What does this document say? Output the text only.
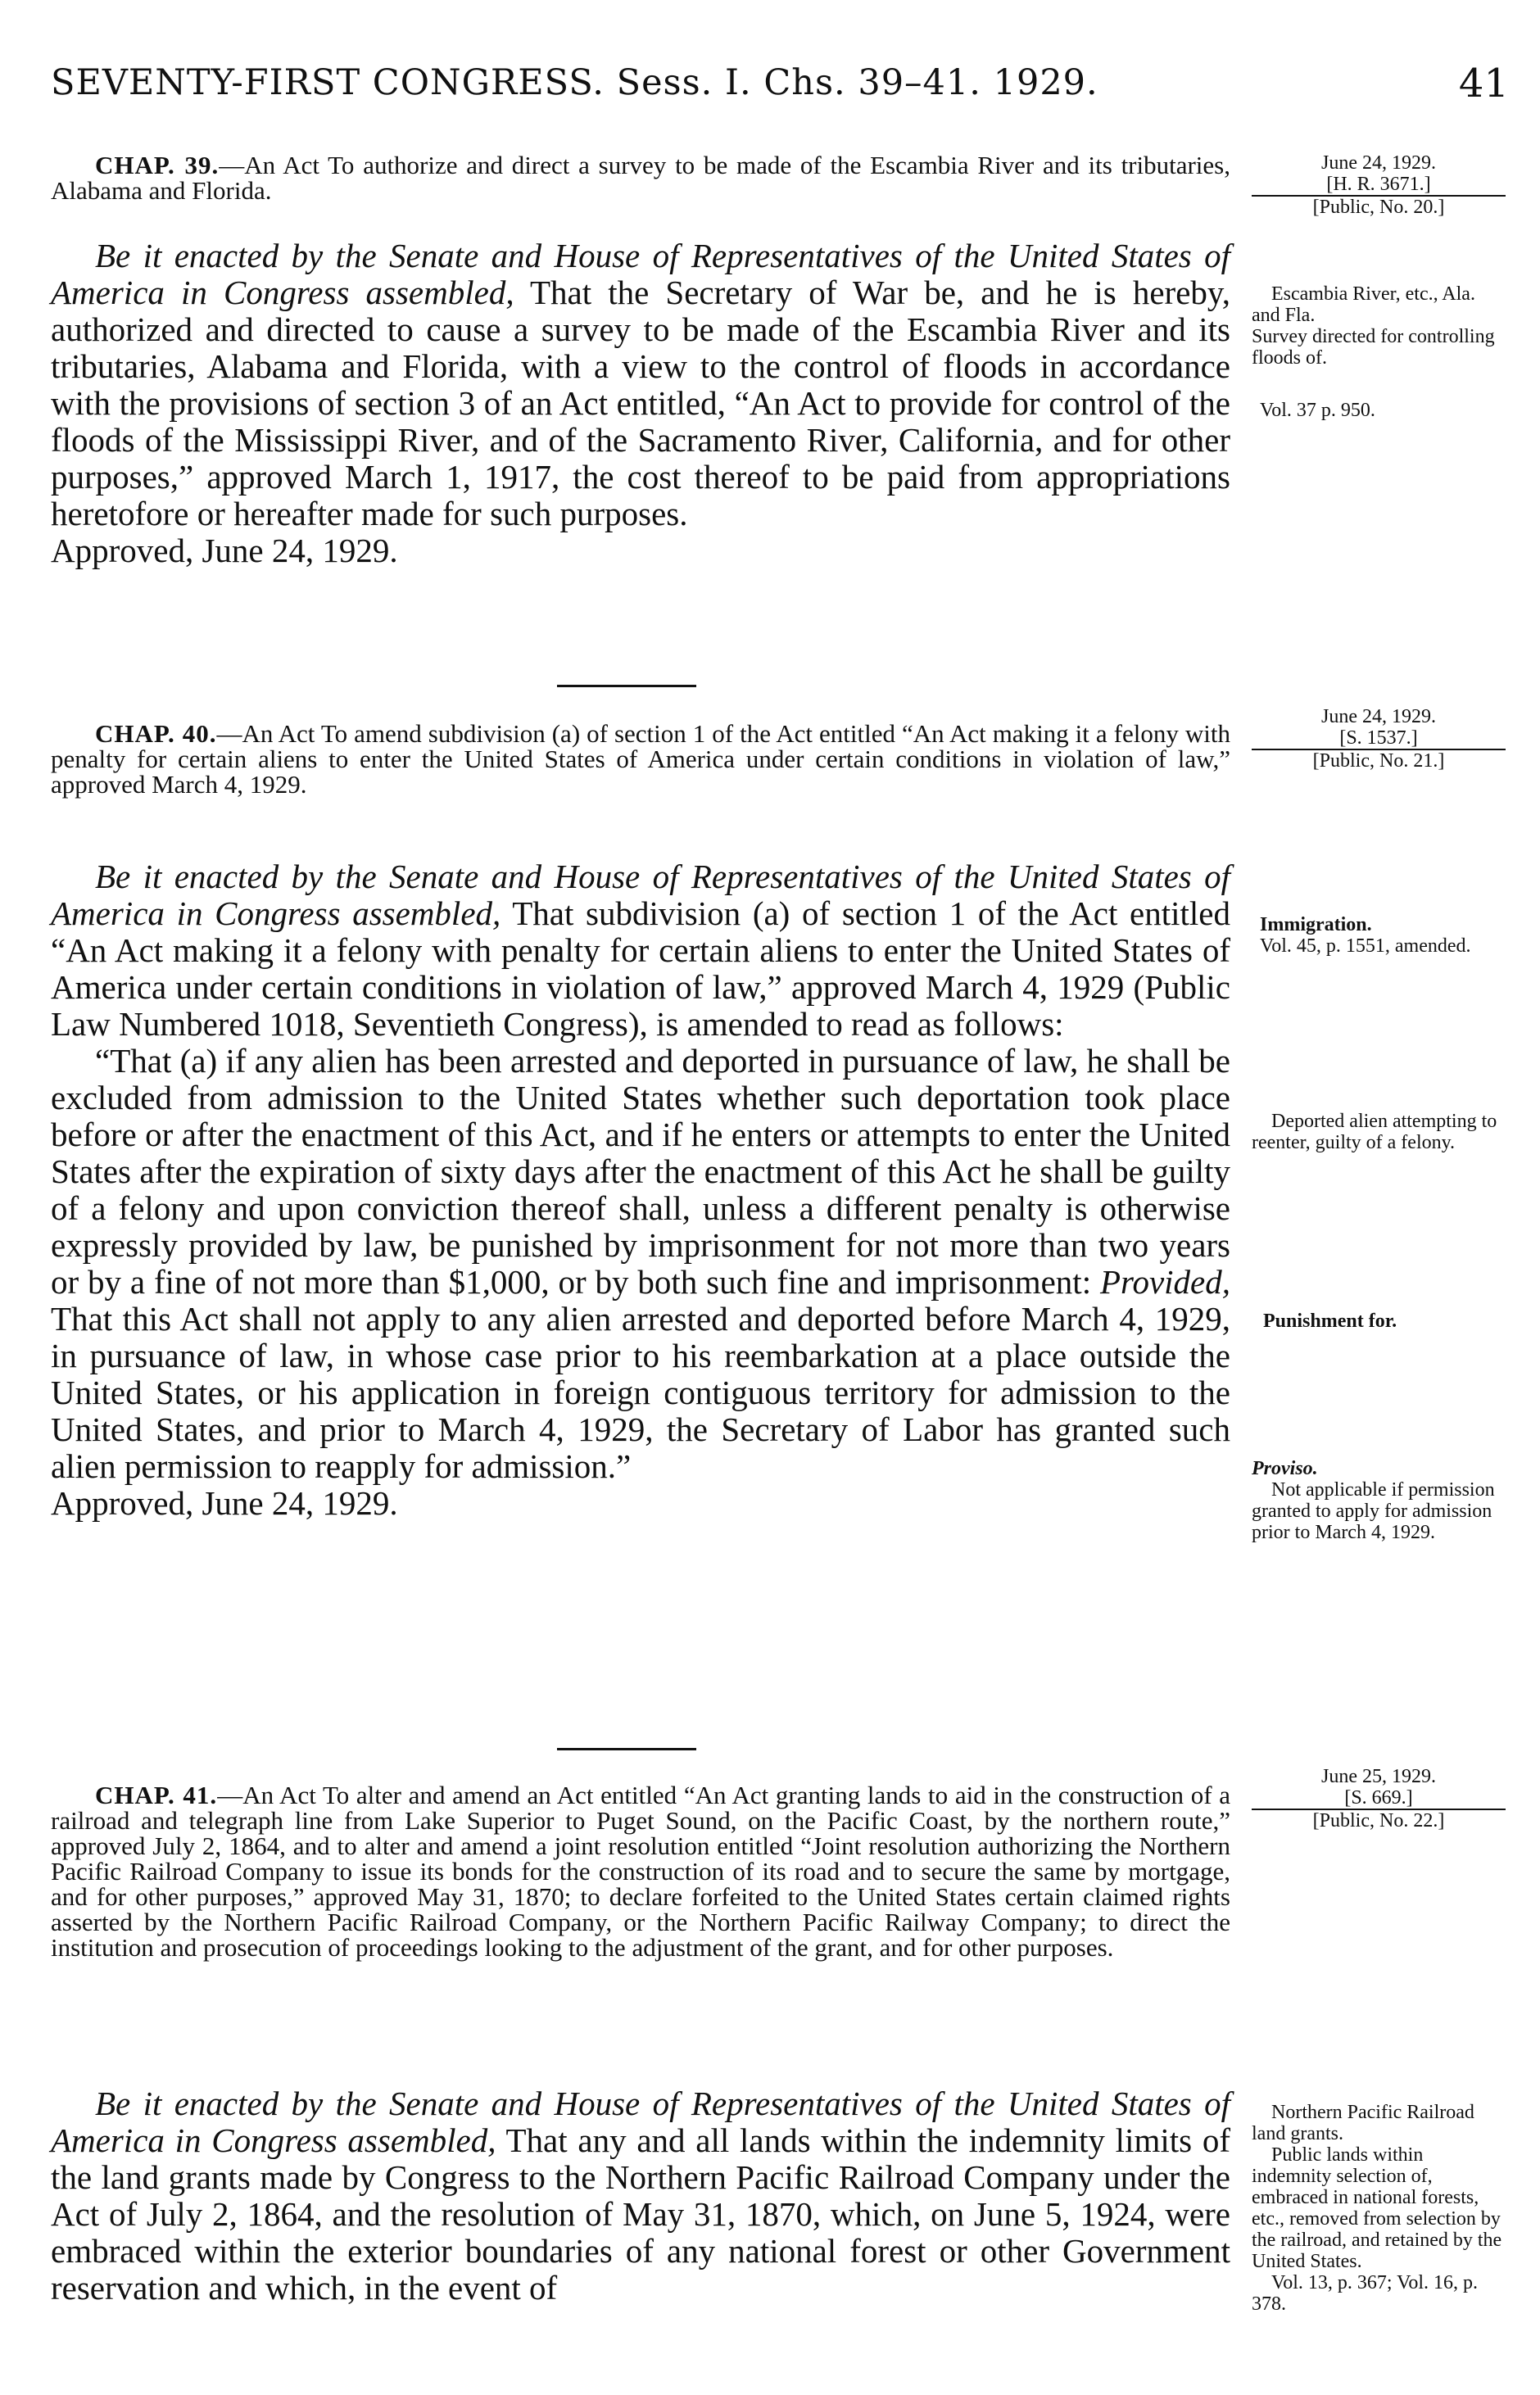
SEVENTY-FIRST CONGRESS. Sess. I. Chs. 39–41. 1929.	41

CHAP. 39.—An Act To authorize and direct a survey to be made of the Escambia River and its tributaries, Alabama and Florida.

Be it enacted by the Senate and House of Representatives of the United States of America in Congress assembled, That the Secretary of War be, and he is hereby, authorized and directed to cause a survey to be made of the Escambia River and its tributaries, Alabama and Florida, with a view to the control of floods in accordance with the provisions of section 3 of an Act entitled, “An Act to provide for control of the floods of the Mississippi River, and of the Sacramento River, California, and for other purposes,” approved March 1, 1917, the cost thereof to be paid from appropriations heretofore or hereafter made for such purposes.

Approved, June 24, 1929.

CHAP. 40.—An Act To amend subdivision (a) of section 1 of the Act entitled “An Act making it a felony with penalty for certain aliens to enter the United States of America under certain conditions in violation of law,” approved March 4, 1929.

Be it enacted by the Senate and House of Representatives of the United States of America in Congress assembled, That subdivision (a) of section 1 of the Act entitled “An Act making it a felony with penalty for certain aliens to enter the United States of America under certain conditions in violation of law,” approved March 4, 1929 (Public Law Numbered 1018, Seventieth Congress), is amended to read as follows:

“That (a) if any alien has been arrested and deported in pursuance of law, he shall be excluded from admission to the United States whether such deportation took place before or after the enactment of this Act, and if he enters or attempts to enter the United States after the expiration of sixty days after the enactment of this Act he shall be guilty of a felony and upon conviction thereof shall, unless a different penalty is otherwise expressly provided by law, be punished by imprisonment for not more than two years or by a fine of not more than $1,000, or by both such fine and imprisonment: Provided, That this Act shall not apply to any alien arrested and deported before March 4, 1929, in pursuance of law, in whose case prior to his reembarkation at a place outside the United States, or his application in foreign contiguous territory for admission to the United States, and prior to March 4, 1929, the Secretary of Labor has granted such alien permission to reapply for admission.”

Approved, June 24, 1929.

CHAP. 41.—An Act To alter and amend an Act entitled “An Act granting lands to aid in the construction of a railroad and telegraph line from Lake Superior to Puget Sound, on the Pacific Coast, by the northern route,” approved July 2, 1864, and to alter and amend a joint resolution entitled “Joint resolution authorizing the Northern Pacific Railroad Company to issue its bonds for the construction of its road and to secure the same by mortgage, and for other purposes,” approved May 31, 1870; to declare forfeited to the United States certain claimed rights asserted by the Northern Pacific Railroad Company, or the Northern Pacific Railway Company; to direct the institution and prosecution of proceedings looking to the adjustment of the grant, and for other purposes.

Be it enacted by the Senate and House of Representatives of the United States of America in Congress assembled, That any and all lands within the indemnity limits of the land grants made by Congress to the Northern Pacific Railroad Company under the Act of July 2, 1864, and the resolution of May 31, 1870, which, on June 5, 1924, were embraced within the exterior boundaries of any national forest or other Government reservation and which, in the event of

June 24, 1929.
[H. R. 3671.]
[Public, No. 20.]
Escambia River, etc., Ala. and Fla.
Survey directed for controlling floods of.
Vol. 37 p. 950.
June 24, 1929.
[S. 1537.]
[Public, No. 21.]
Immigration.
Vol. 45, p. 1551, amended.
Deported alien attempting to reenter, guilty of a felony.
Punishment for.
Proviso.
Not applicable if permission granted to apply for admission prior to March 4, 1929.
June 25, 1929.
[S. 669.]
[Public, No. 22.]
Northern Pacific Railroad land grants.
Public lands within indemnity selection of, embraced in national forests, etc., removed from selection by the railroad, and retained by the United States.
Vol. 13, p. 367; Vol. 16, p. 378.
